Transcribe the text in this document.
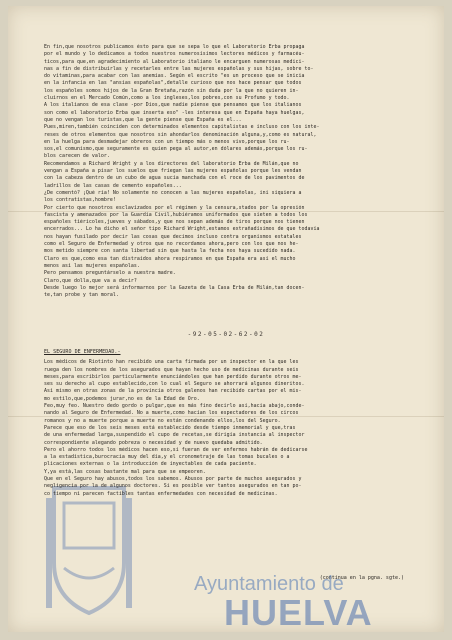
En fin,que nosotros publicamos ésto para que se sepa lo que el Laboratorio Erba propaga

por el mundo y lo dedicamos a todos nuestros numerosísimos lectores médicos y farmacéu-

ticos,para que,en agradecimiento al Laboratorio italiano le encarguen numerosas medici-

nas a fin de distribuirlas y recetarles entre las mujeres españolas y sus hijas, sobre to-

do vitaminas,para acabar con las anemias. Según el escrito "es un proceso que se inicia

en la infancia en las "ansias españolas",detalle curioso que nos hace pensar que todos

los españoles somos hijos de la Gran Bretaña,razón sin duda por la que no quieren in-

cluirnos en el Mercado Común,como a los ingleses,los pobres,con su Profumo y todo.

A los italianos de esa clase -por Dios,que nadie piense que pensamos que los italianos

son como el laboratorio Erba que inserta eso" -les interesa que en España haya huelgas,

que no vengan los turistas,que la gente piense que España es el...

Pues,miren,también coinciden con determinados elementos capitalistas e incluso con los inte-

reses de otros elementos que nosotros sin ahondarlos denominación alguna,y,como es natural,

en la huelga para desmadejar obreros con un tiempo más o menos vivo,porque los ru-

sos,el comunismo,que seguramente es quien pega al autor,en dólares además,porque los ru-

blos carecen de valor.

Recomendamos a Richard Wright y a los directores del laboratorio Erba de Milán,que no

vengan a España a pisar los suelos que friegan las mujeres españolas porque les vendan

con la cabeza dentro de un cubo de agua sucia manchada con el roce de los pavimentos de

ladrillos de las casas de cemento españoles...

¿De comentó? ¡Qué ria! No solamente no conocen a las mujeres españolas, ini siquiera a

los contratistas,hombre!

Por cierto que nosotros esclavizados por el régimen y la censura,stados por la opresión

fascista y amenazados por la Guardia Civil,hubiéramos uniformados que sieten a todos los

españoles tiéricoles,jueves y sábados,y que nos sepan además de tiros porque nos tienen

encerrados... Lo ha dicho el señor tipo Richard Wright,estamos extrañadísimos de que todavía

nos hayan fusilado por decir las cosas que decimos incluso contra organismos estatales

como el Seguro de Enfermedad y otros que no recordamos ahora,pero con los que nos he-

mos metido siempre con santa libertad sin que hasta la fecha nos haya sucedido nada.

Claro es que,como esa tan distraídos ahora respiramos en que España era así el mucho

menos así las mujeres españolas.

Pero pensamos preguntárselo a nuestra madre.

Claro,que dolla,que va a decir?

Desde luego lo mejor será informarnos por la Gazeta de la Casa Erba de Milán,tan docen-

te,tan probe y tan moral.

-92-05-02-62-02
EL SEGURO DE ENFERMEDAD.-

Los médicos de Riotinto han recibido una carta firmada por un inspector en la que les

ruega den los nombres de los asegurados que hayan hecho uso de medicinas durante seis

meses,para escribirlos particularmente enunciándoles que han perdido durante otros me-

ses su derecho al cupo establecido,con lo cual el Seguro se ahorrará algunos dineritos.

Así mismo en otras zonas de la provincia otros galenos han recibido cartas por el mis-

mo estilo,que,podemos jurar,no es de la Edad de Oro.

Feo,muy feo. Nuestro dedo gordo o pulgar,que es más fino decirlo así,hacia abajo,conde-

nando al Seguro de Enfermedad. No a muerte,como hacían los espectadores de los circos

romanos y no a muerte porque a muerte no están condenando ellos,los del Seguro.

Parece que eso de los seis meses está establecido desde tiempo inmemorial y que,tras

de una enfermedad larga,suspendido el cupo de recetas,se dirigía instancia al inspector

correspondiente alegando pobreza o necesidad y de nuevo quedaba admitido.

Pero el ahorro todos los médicos hacen eso,si fueran de ver enfermos habrán de dedicarse

a la estadística,burocracia muy del día,y el cronometraje de las tomas bucales o a

plicaciones externas o la introducción de inyectables de cada paciente.

Y,ya está,las cosas bastante mal para que se empeoren.

Que en el Seguro hay abusos,todos los sabemos. Abusos por parte de muchos asegurados y

negligencia por la de algunos doctores. Si es posible ver tantos asegurados en tan po-

co tiempo ni parecen factibles tantas enfermedades con necesidad de medicinas.

(continua en la pgna. sgte.)
Ayuntamiento de
HUELVA
